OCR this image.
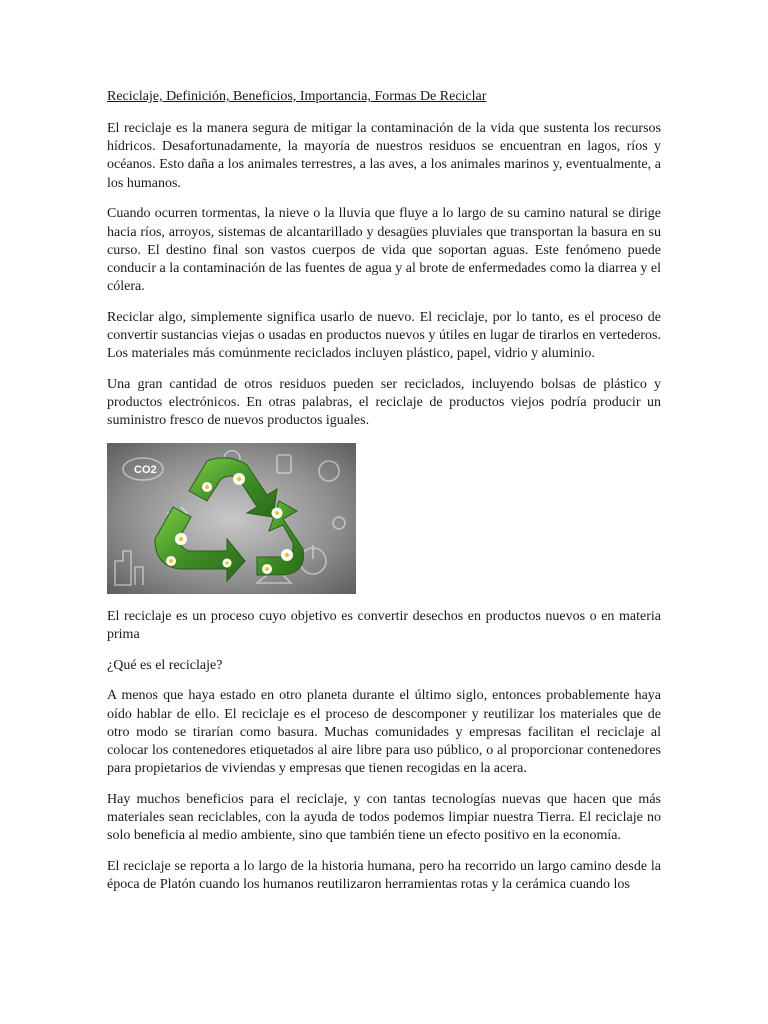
Reciclaje, Definición, Beneficios, Importancia, Formas De Reciclar

El reciclaje es la manera segura de mitigar la contaminación de la vida que sustenta los recursos hídricos. Desafortunadamente, la mayoría de nuestros residuos se encuentran en lagos, ríos y océanos. Esto daña a los animales terrestres, a las aves, a los animales marinos y, eventualmente, a los humanos.

Cuando ocurren tormentas, la nieve o la lluvia que fluye a lo largo de su camino natural se dirige hacia ríos, arroyos, sistemas de alcantarillado y desagües pluviales que transportan la basura en su curso. El destino final son vastos cuerpos de vida que soportan aguas. Este fenómeno puede conducir a la contaminación de las fuentes de agua y al brote de enfermedades como la diarrea y el cólera.

Reciclar algo, simplemente significa usarlo de nuevo. El reciclaje, por lo tanto, es el proceso de convertir sustancias viejas o usadas en productos nuevos y útiles en lugar de tirarlos en vertederos. Los materiales más comúnmente reciclados incluyen plástico, papel, vidrio y aluminio.

Una gran cantidad de otros residuos pueden ser reciclados, incluyendo bolsas de plástico y productos electrónicos. En otras palabras, el reciclaje de productos viejos podría producir un suministro fresco de nuevos productos iguales.

CO2

El reciclaje es un proceso cuyo objetivo es convertir desechos en productos nuevos o en materia prima

¿Qué es el reciclaje?

A menos que haya estado en otro planeta durante el último siglo, entonces probablemente haya oído hablar de ello. El reciclaje es el proceso de descomponer y reutilizar los materiales que de otro modo se tirarían como basura. Muchas comunidades y empresas facilitan el reciclaje al colocar los contenedores etiquetados al aire libre para uso público, o al proporcionar contenedores para propietarios de viviendas y empresas que tienen recogidas en la acera.

Hay muchos beneficios para el reciclaje, y con tantas tecnologías nuevas que hacen que más materiales sean reciclables, con la ayuda de todos podemos limpiar nuestra Tierra. El reciclaje no solo beneficia al medio ambiente, sino que también tiene un efecto positivo en la economía.

El reciclaje se reporta a lo largo de la historia humana, pero ha recorrido un largo camino desde la época de Platón cuando los humanos reutilizaron herramientas rotas y la cerámica cuando los
